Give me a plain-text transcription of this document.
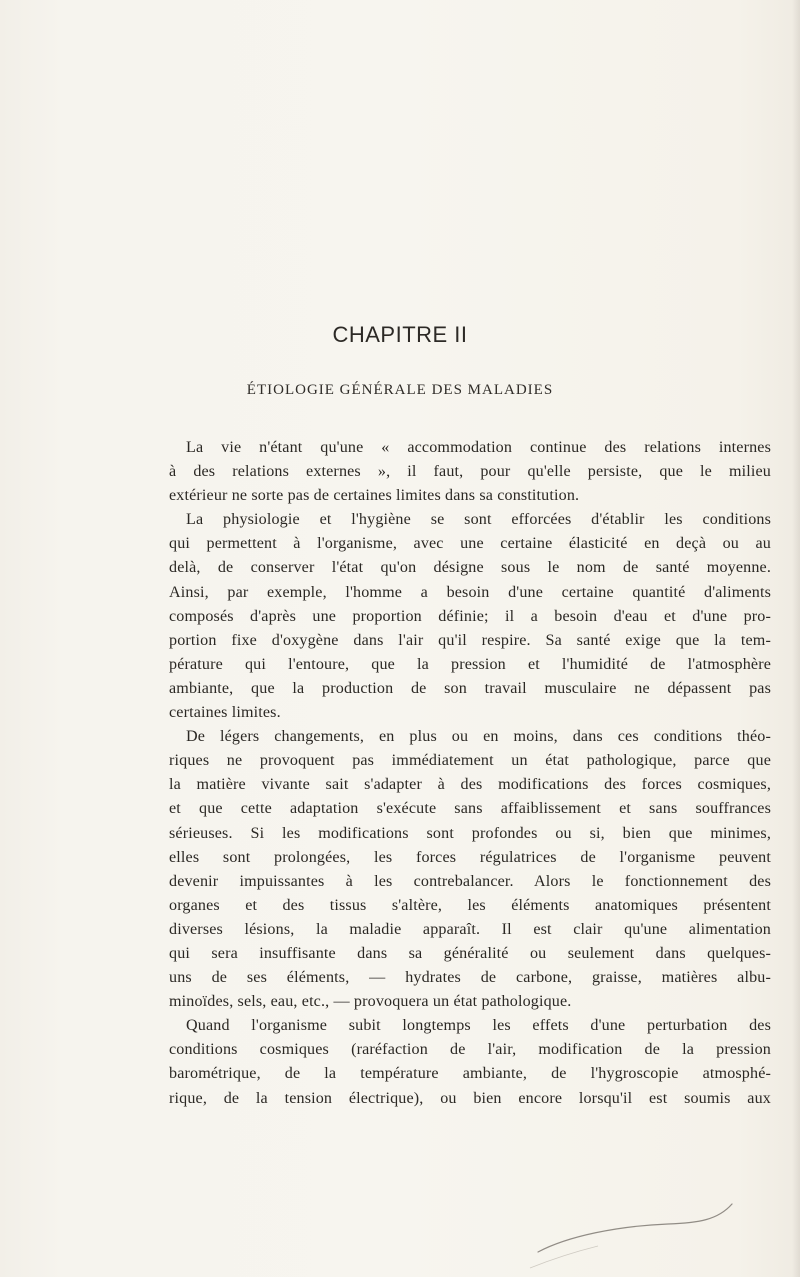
CHAPITRE II
ÉTIOLOGIE GÉNÉRALE DES MALADIES
La vie n'étant qu'une « accommodation continue des relations internes
à des relations externes », il faut, pour qu'elle persiste, que le milieu
extérieur ne sorte pas de certaines limites dans sa constitution.
La physiologie et l'hygiène se sont efforcées d'établir les conditions
qui permettent à l'organisme, avec une certaine élasticité en deçà ou au
delà, de conserver l'état qu'on désigne sous le nom de santé moyenne.
Ainsi, par exemple, l'homme a besoin d'une certaine quantité d'aliments
composés d'après une proportion définie; il a besoin d'eau et d'une pro-
portion fixe d'oxygène dans l'air qu'il respire. Sa santé exige que la tem-
pérature qui l'entoure, que la pression et l'humidité de l'atmosphère
ambiante, que la production de son travail musculaire ne dépassent pas
certaines limites.
De légers changements, en plus ou en moins, dans ces conditions théo-
riques ne provoquent pas immédiatement un état pathologique, parce que
la matière vivante sait s'adapter à des modifications des forces cosmiques,
et que cette adaptation s'exécute sans affaiblissement et sans souffrances
sérieuses. Si les modifications sont profondes ou si, bien que minimes,
elles sont prolongées, les forces régulatrices de l'organisme peuvent
devenir impuissantes à les contrebalancer. Alors le fonctionnement des
organes et des tissus s'altère, les éléments anatomiques présentent
diverses lésions, la maladie apparaît. Il est clair qu'une alimentation
qui sera insuffisante dans sa généralité ou seulement dans quelques-
uns de ses éléments, — hydrates de carbone, graisse, matières albu-
minoïdes, sels, eau, etc., — provoquera un état pathologique.
Quand l'organisme subit longtemps les effets d'une perturbation des
conditions cosmiques (raréfaction de l'air, modification de la pression
barométrique, de la température ambiante, de l'hygroscopie atmosphé-
rique, de la tension électrique), ou bien encore lorsqu'il est soumis aux
